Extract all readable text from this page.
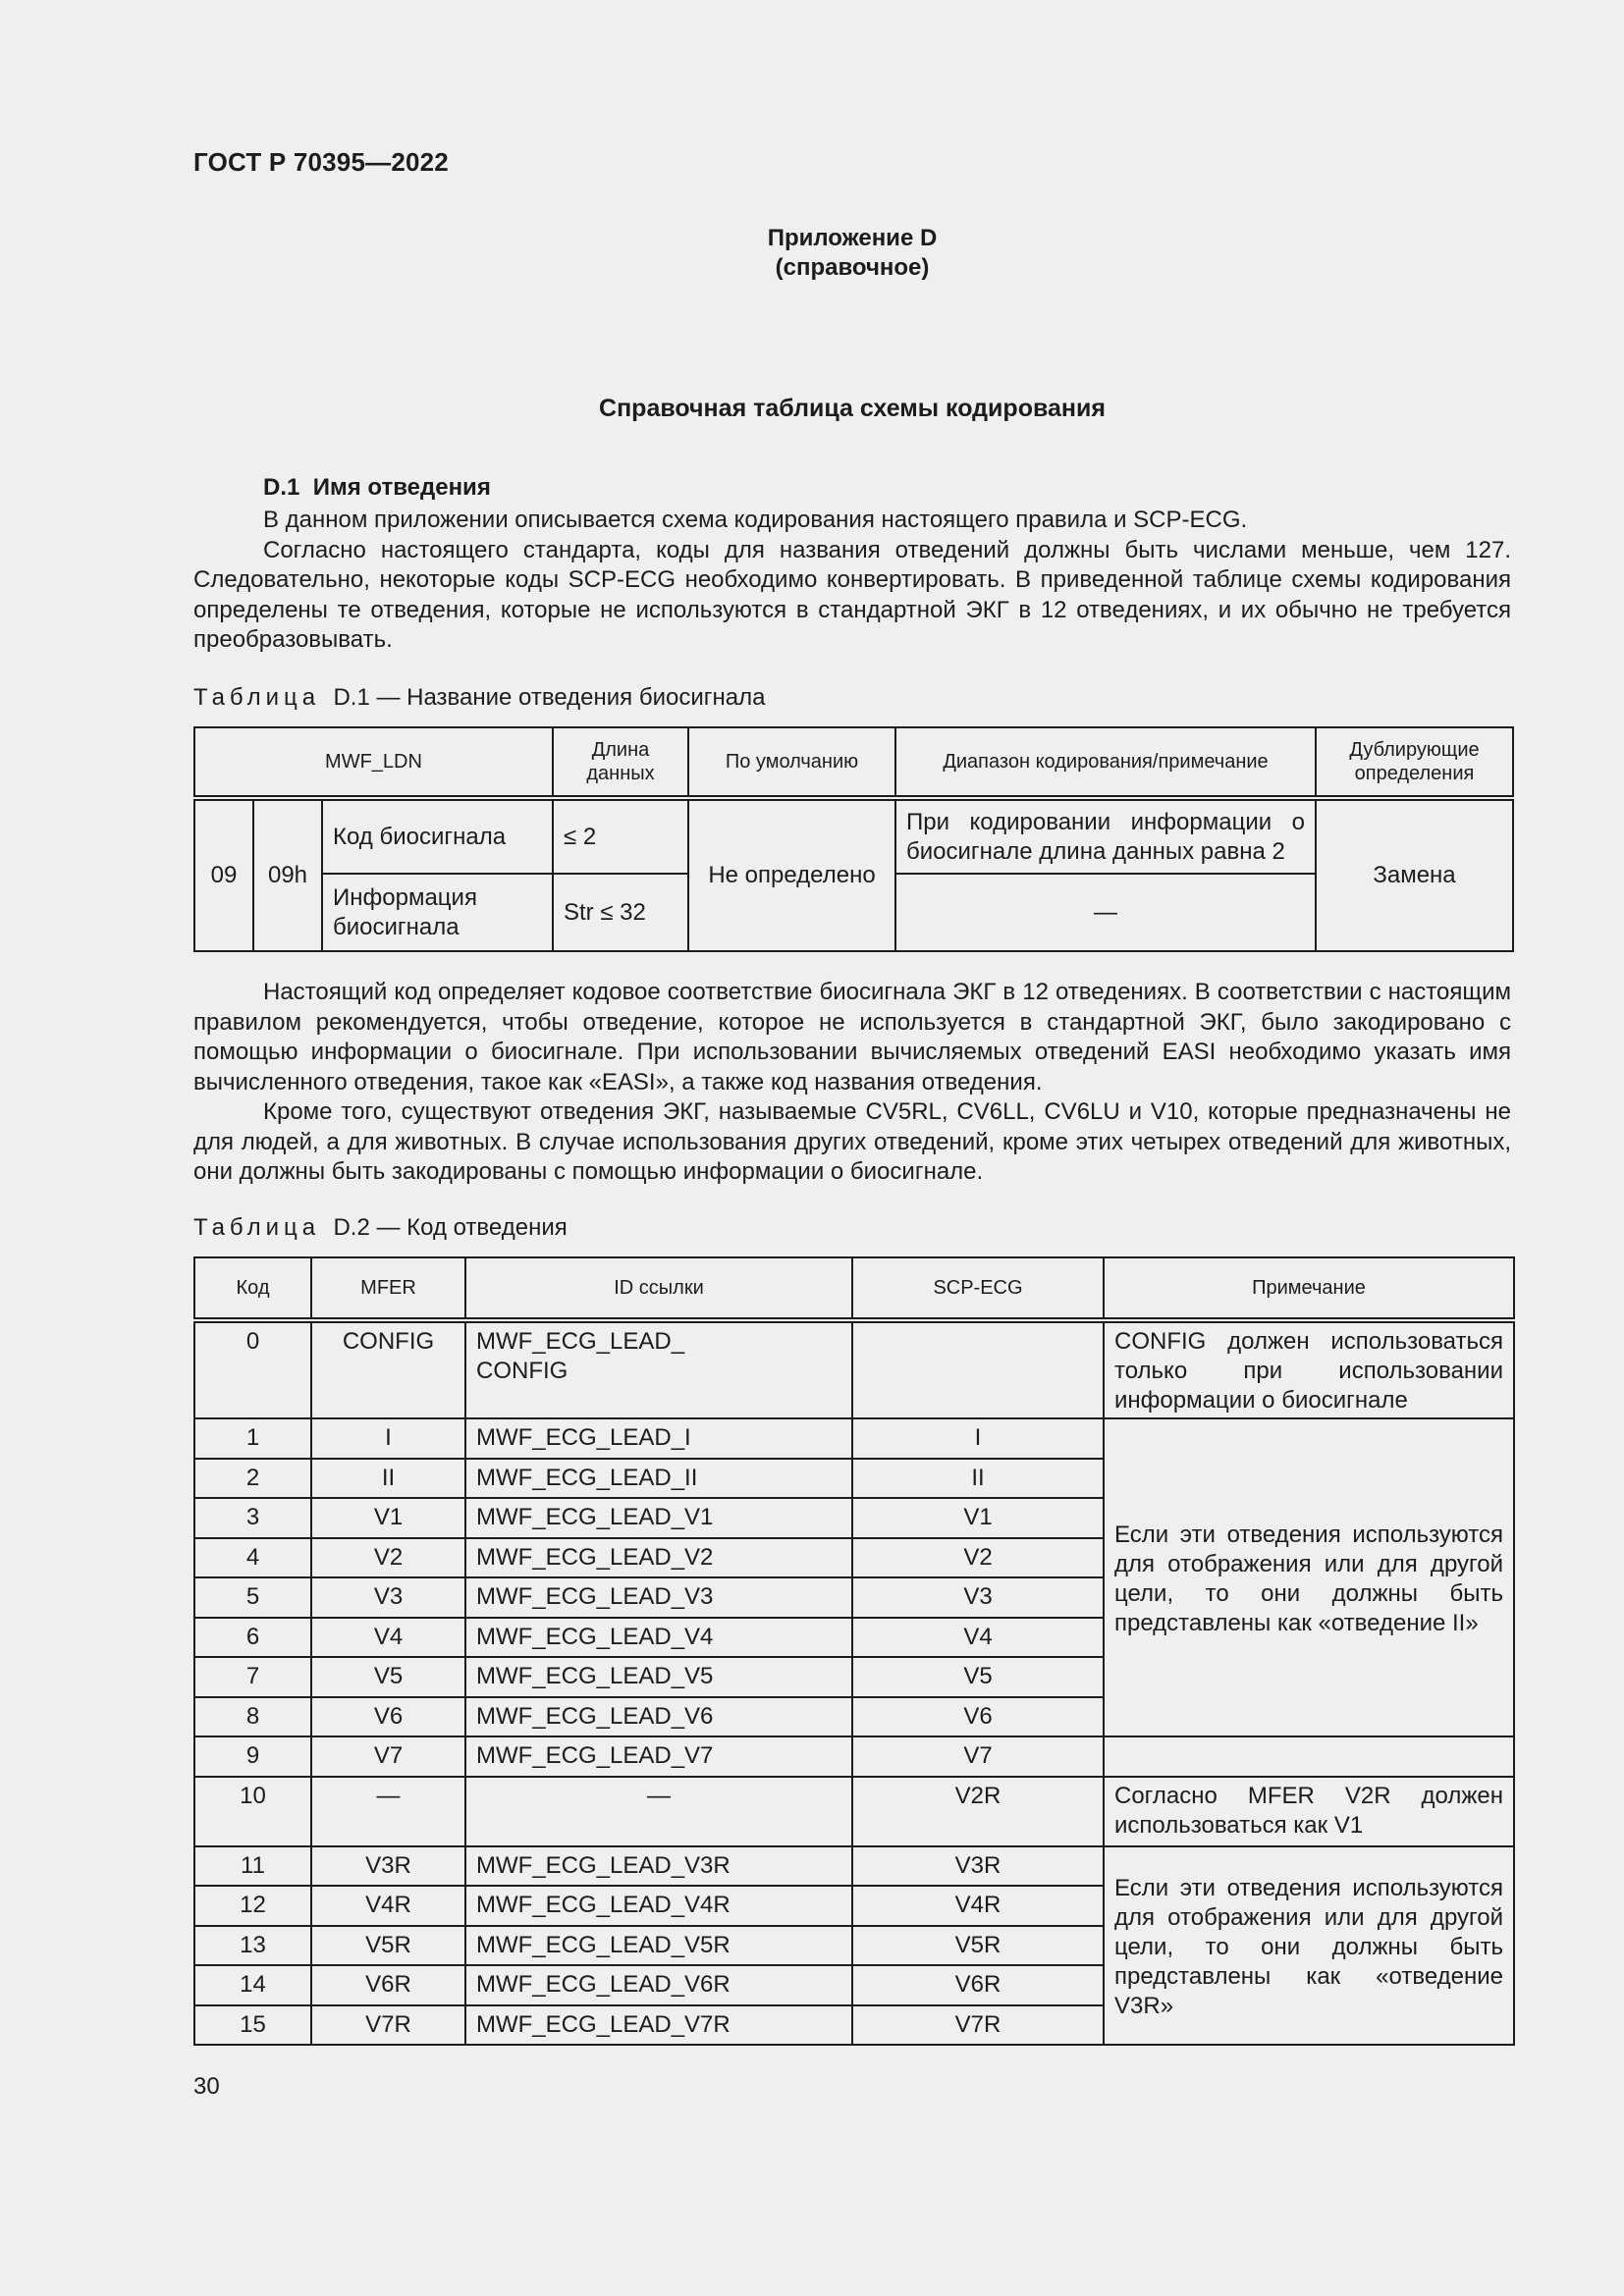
ГОСТ Р 70395—2022
Приложение D
(справочное)
Справочная таблица схемы кодирования
D.1 Имя отведения

В данном приложении описывается схема кодирования настоящего правила и SCP-ECG.

Согласно настоящего стандарта, коды для названия отведений должны быть числами меньше, чем 127. Следовательно, некоторые коды SCP-ECG необходимо конвертировать. В приведенной таблице схемы кодирования определены те отведения, которые не используются в стандартной ЭКГ в 12 отведениях, и их обычно не требуется преобразовывать.

Таблица D.1 — Название отведения биосигнала
MWF_LDN			Длина данных	По умолчанию	Диапазон кодирования/примечание	Дублирующие определения
09	09h	Код биосигнала	≤ 2	Не определено	При кодировании информации о биосигнале длина данных равна 2	Замена
		Информация биосигнала	Str ≤ 32		—	

Настоящий код определяет кодовое соответствие биосигнала ЭКГ в 12 отведениях. В соответствии с настоящим правилом рекомендуется, чтобы отведение, которое не используется в стандартной ЭКГ, было закодировано с помощью информации о биосигнале. При использовании вычисляемых отведений EASI необходимо указать имя вычисленного отведения, такое как «EASI», а также код названия отведения.

Кроме того, существуют отведения ЭКГ, называемые CV5RL, CV6LL, CV6LU и V10, которые предназначены не для людей, а для животных. В случае использования других отведений, кроме этих четырех отведений для животных, они должны быть закодированы с помощью информации о биосигнале.

Таблица D.2 — Код отведения
Код	MFER	ID ссылки	SCP-ECG	Примечание
0	CONFIG	MWF_ECG_LEAD_ CONFIG		CONFIG должен использоваться только при использовании информации о биосигнале
1	I	MWF_ECG_LEAD_I	I	Если эти отведения используются для отображения или для другой цели, то они должны быть представлены как «отведение II»
2	II	MWF_ECG_LEAD_II	II	
3	V1	MWF_ECG_LEAD_V1	V1	
4	V2	MWF_ECG_LEAD_V2	V2	
5	V3	MWF_ECG_LEAD_V3	V3	
6	V4	MWF_ECG_LEAD_V4	V4	
7	V5	MWF_ECG_LEAD_V5	V5	
8	V6	MWF_ECG_LEAD_V6	V6	
9	V7	MWF_ECG_LEAD_V7	V7	
10	—	—	V2R	Согласно MFER V2R должен использоваться как V1
11	V3R	MWF_ECG_LEAD_V3R	V3R	Если эти отведения используются для отображения или для другой цели, то они должны быть представлены как «отведение V3R»
12	V4R	MWF_ECG_LEAD_V4R	V4R	
13	V5R	MWF_ECG_LEAD_V5R	V5R	
14	V6R	MWF_ECG_LEAD_V6R	V6R	
15	V7R	MWF_ECG_LEAD_V7R	V7R	
30
